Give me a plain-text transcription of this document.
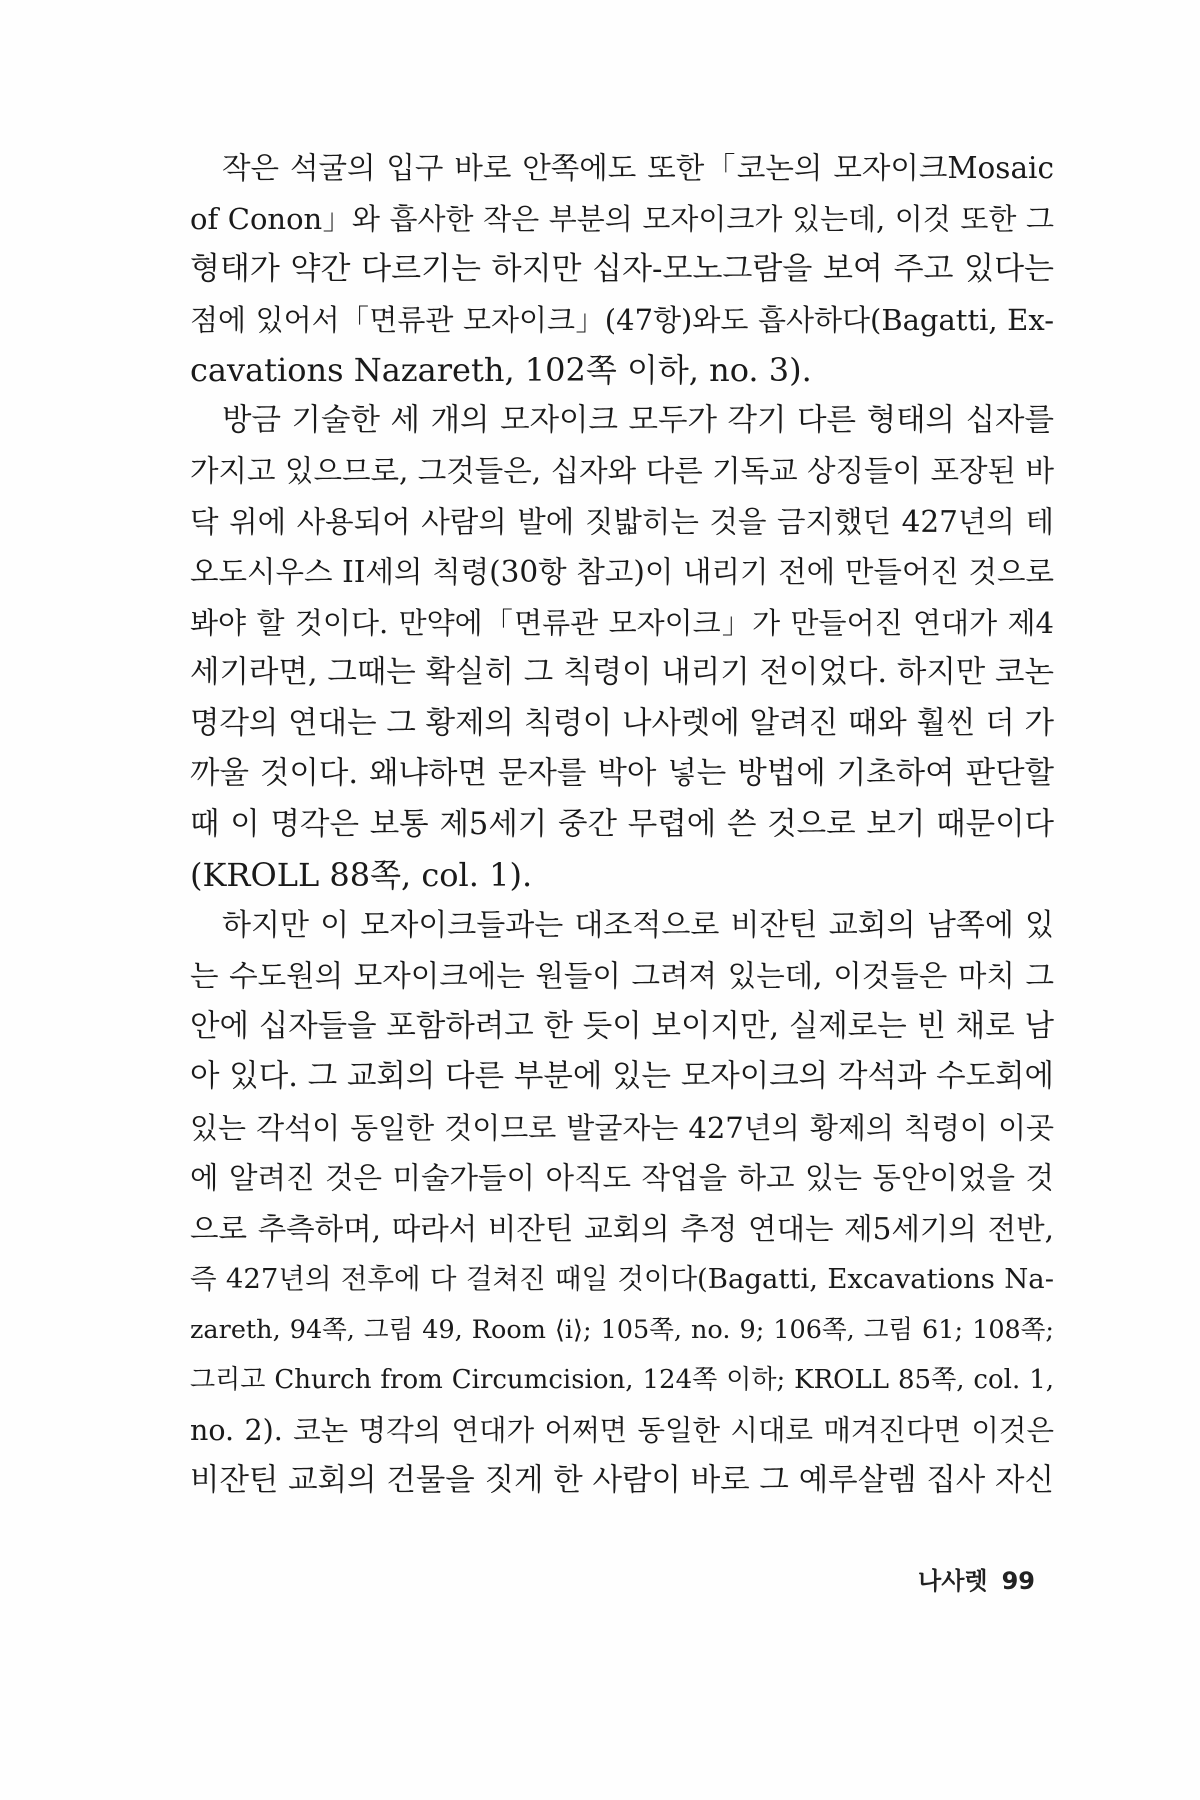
작은 석굴의 입구 바로 안쪽에도 또한「코논의 모자이크Mosaic
of Conon」와 흡사한 작은 부분의 모자이크가 있는데, 이것 또한 그
형태가 약간 다르기는 하지만 십자-모노그람을 보여 주고 있다는
점에 있어서「면류관 모자이크」(47항)와도 흡사하다(Bagatti, Ex-
cavations Nazareth, 102쪽 이하, no. 3).
방금 기술한 세 개의 모자이크 모두가 각기 다른 형태의 십자를
가지고 있으므로, 그것들은, 십자와 다른 기독교 상징들이 포장된 바
닥 위에 사용되어 사람의 발에 짓밟히는 것을 금지했던 427년의 테
오도시우스 II세의 칙령(30항 참고)이 내리기 전에 만들어진 것으로
봐야 할 것이다. 만약에「면류관 모자이크」가 만들어진 연대가 제4
세기라면, 그때는 확실히 그 칙령이 내리기 전이었다. 하지만 코논
명각의 연대는 그 황제의 칙령이 나사렛에 알려진 때와 훨씬 더 가
까울 것이다. 왜냐하면 문자를 박아 넣는 방법에 기초하여 판단할
때 이 명각은 보통 제5세기 중간 무렵에 쓴 것으로 보기 때문이다
(KROLL 88쪽, col. 1).
하지만 이 모자이크들과는 대조적으로 비잔틴 교회의 남쪽에 있
는 수도원의 모자이크에는 원들이 그려져 있는데, 이것들은 마치 그
안에 십자들을 포함하려고 한 듯이 보이지만, 실제로는 빈 채로 남
아 있다. 그 교회의 다른 부분에 있는 모자이크의 각석과 수도회에
있는 각석이 동일한 것이므로 발굴자는 427년의 황제의 칙령이 이곳
에 알려진 것은 미술가들이 아직도 작업을 하고 있는 동안이었을 것
으로 추측하며, 따라서 비잔틴 교회의 추정 연대는 제5세기의 전반,
즉 427년의 전후에 다 걸쳐진 때일 것이다(Bagatti, Excavations Na-
zareth, 94쪽, 그림 49, Room ⟨i⟩; 105쪽, no. 9; 106쪽, 그림 61; 108쪽;
그리고 Church from Circumcision, 124쪽 이하; KROLL 85쪽, col. 1,
no. 2). 코논 명각의 연대가 어쩌면 동일한 시대로 매겨진다면 이것은
비잔틴 교회의 건물을 짓게 한 사람이 바로 그 예루살렘 집사 자신
나사렛 99
